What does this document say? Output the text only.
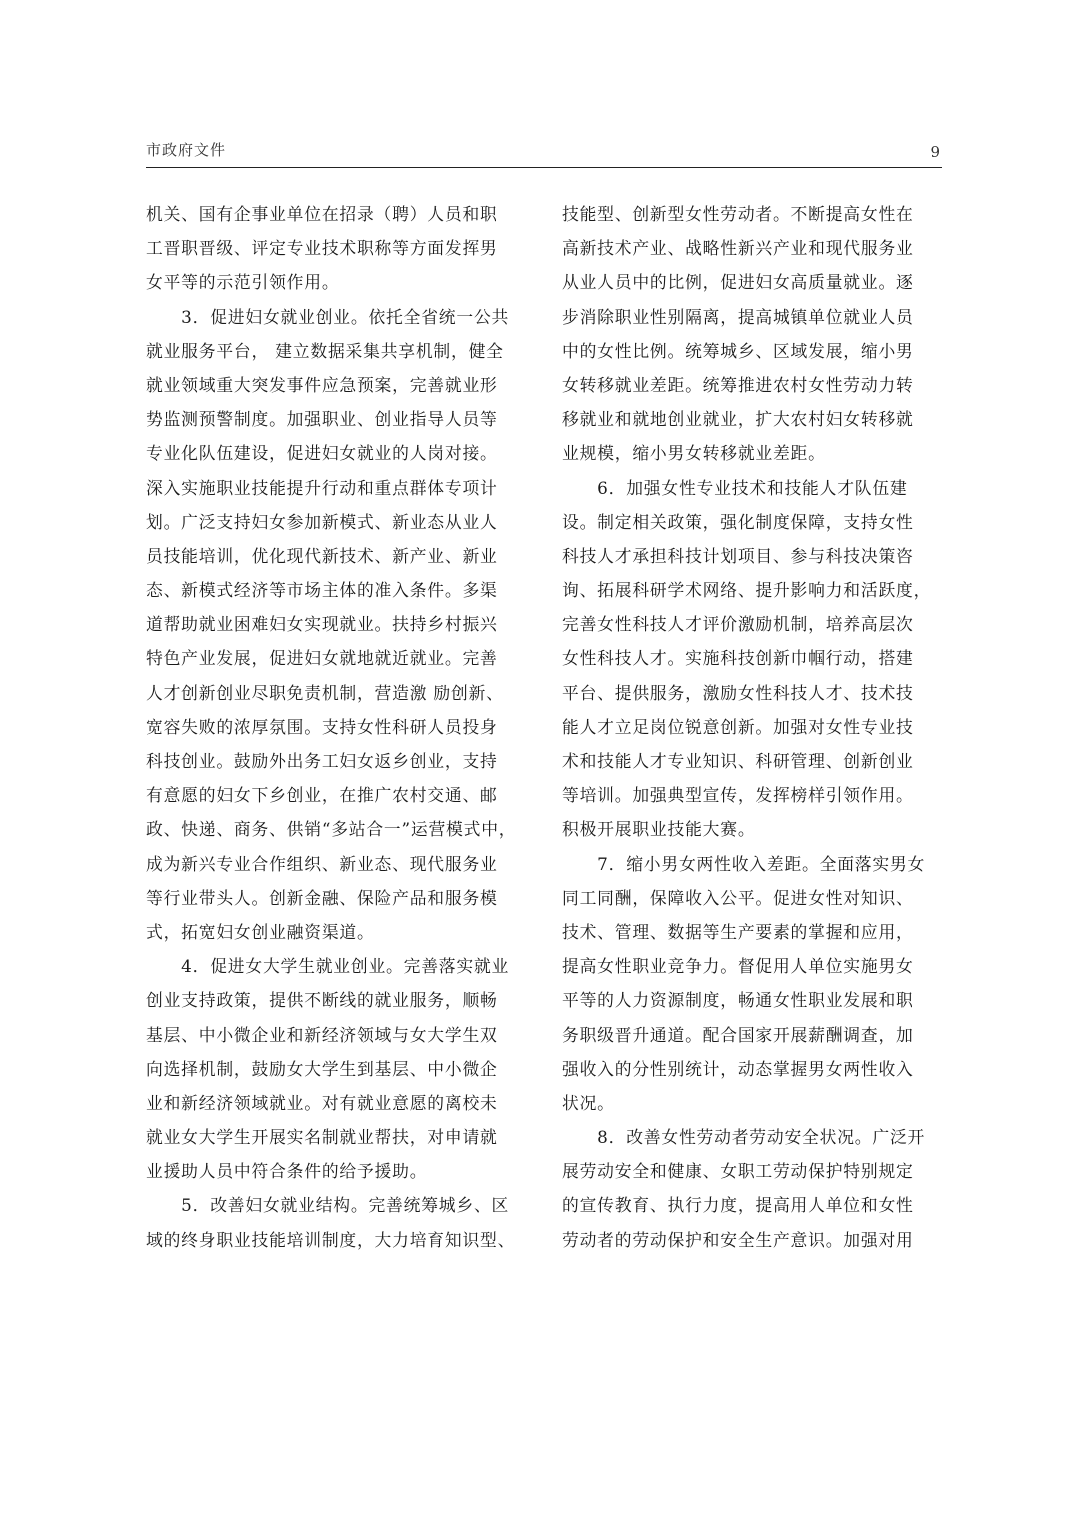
市政府文件	9
机关、国有企事业单位在招录（聘）人员和职
工晋职晋级、评定专业技术职称等方面发挥男
女平等的示范引领作用。
　　3．促进妇女就业创业。依托全省统一公共
就业服务平台， 建立数据采集共享机制，健全
就业领域重大突发事件应急预案，完善就业形
势监测预警制度。加强职业、创业指导人员等
专业化队伍建设，促进妇女就业的人岗对接。
深入实施职业技能提升行动和重点群体专项计
划。广泛支持妇女参加新模式、新业态从业人
员技能培训，优化现代新技术、新产业、新业
态、新模式经济等市场主体的准入条件。多渠
道帮助就业困难妇女实现就业。扶持乡村振兴
特色产业发展，促进妇女就地就近就业。完善
人才创新创业尽职免责机制，营造激 励创新、
宽容失败的浓厚氛围。支持女性科研人员投身
科技创业。鼓励外出务工妇女返乡创业，支持
有意愿的妇女下乡创业，在推广农村交通、邮
政、快递、商务、供销“多站合一”运营模式中，
成为新兴专业合作组织、新业态、现代服务业
等行业带头人。创新金融、保险产品和服务模
式，拓宽妇女创业融资渠道。
　　4．促进女大学生就业创业。完善落实就业
创业支持政策，提供不断线的就业服务，顺畅
基层、中小微企业和新经济领域与女大学生双
向选择机制，鼓励女大学生到基层、中小微企
业和新经济领域就业。对有就业意愿的离校未
就业女大学生开展实名制就业帮扶，对申请就
业援助人员中符合条件的给予援助。
　　5．改善妇女就业结构。完善统筹城乡、区
域的终身职业技能培训制度，大力培育知识型、
技能型、创新型女性劳动者。不断提高女性在
高新技术产业、战略性新兴产业和现代服务业
从业人员中的比例，促进妇女高质量就业。逐
步消除职业性别隔离，提高城镇单位就业人员
中的女性比例。统筹城乡、区域发展，缩小男
女转移就业差距。统筹推进农村女性劳动力转
移就业和就地创业就业，扩大农村妇女转移就
业规模，缩小男女转移就业差距。
　　6．加强女性专业技术和技能人才队伍建
设。制定相关政策，强化制度保障，支持女性
科技人才承担科技计划项目、参与科技决策咨
询、拓展科研学术网络、提升影响力和活跃度，
完善女性科技人才评价激励机制，培养高层次
女性科技人才。实施科技创新巾帼行动，搭建
平台、提供服务，激励女性科技人才、技术技
能人才立足岗位锐意创新。加强对女性专业技
术和技能人才专业知识、科研管理、创新创业
等培训。加强典型宣传，发挥榜样引领作用。
积极开展职业技能大赛。
　　7．缩小男女两性收入差距。全面落实男女
同工同酬，保障收入公平。促进女性对知识、
技术、管理、数据等生产要素的掌握和应用，
提高女性职业竞争力。督促用人单位实施男女
平等的人力资源制度，畅通女性职业发展和职
务职级晋升通道。配合国家开展薪酬调查，加
强收入的分性别统计，动态掌握男女两性收入
状况。
　　8．改善女性劳动者劳动安全状况。广泛开
展劳动安全和健康、女职工劳动保护特别规定
的宣传教育、执行力度，提高用人单位和女性
劳动者的劳动保护和安全生产意识。加强对用
